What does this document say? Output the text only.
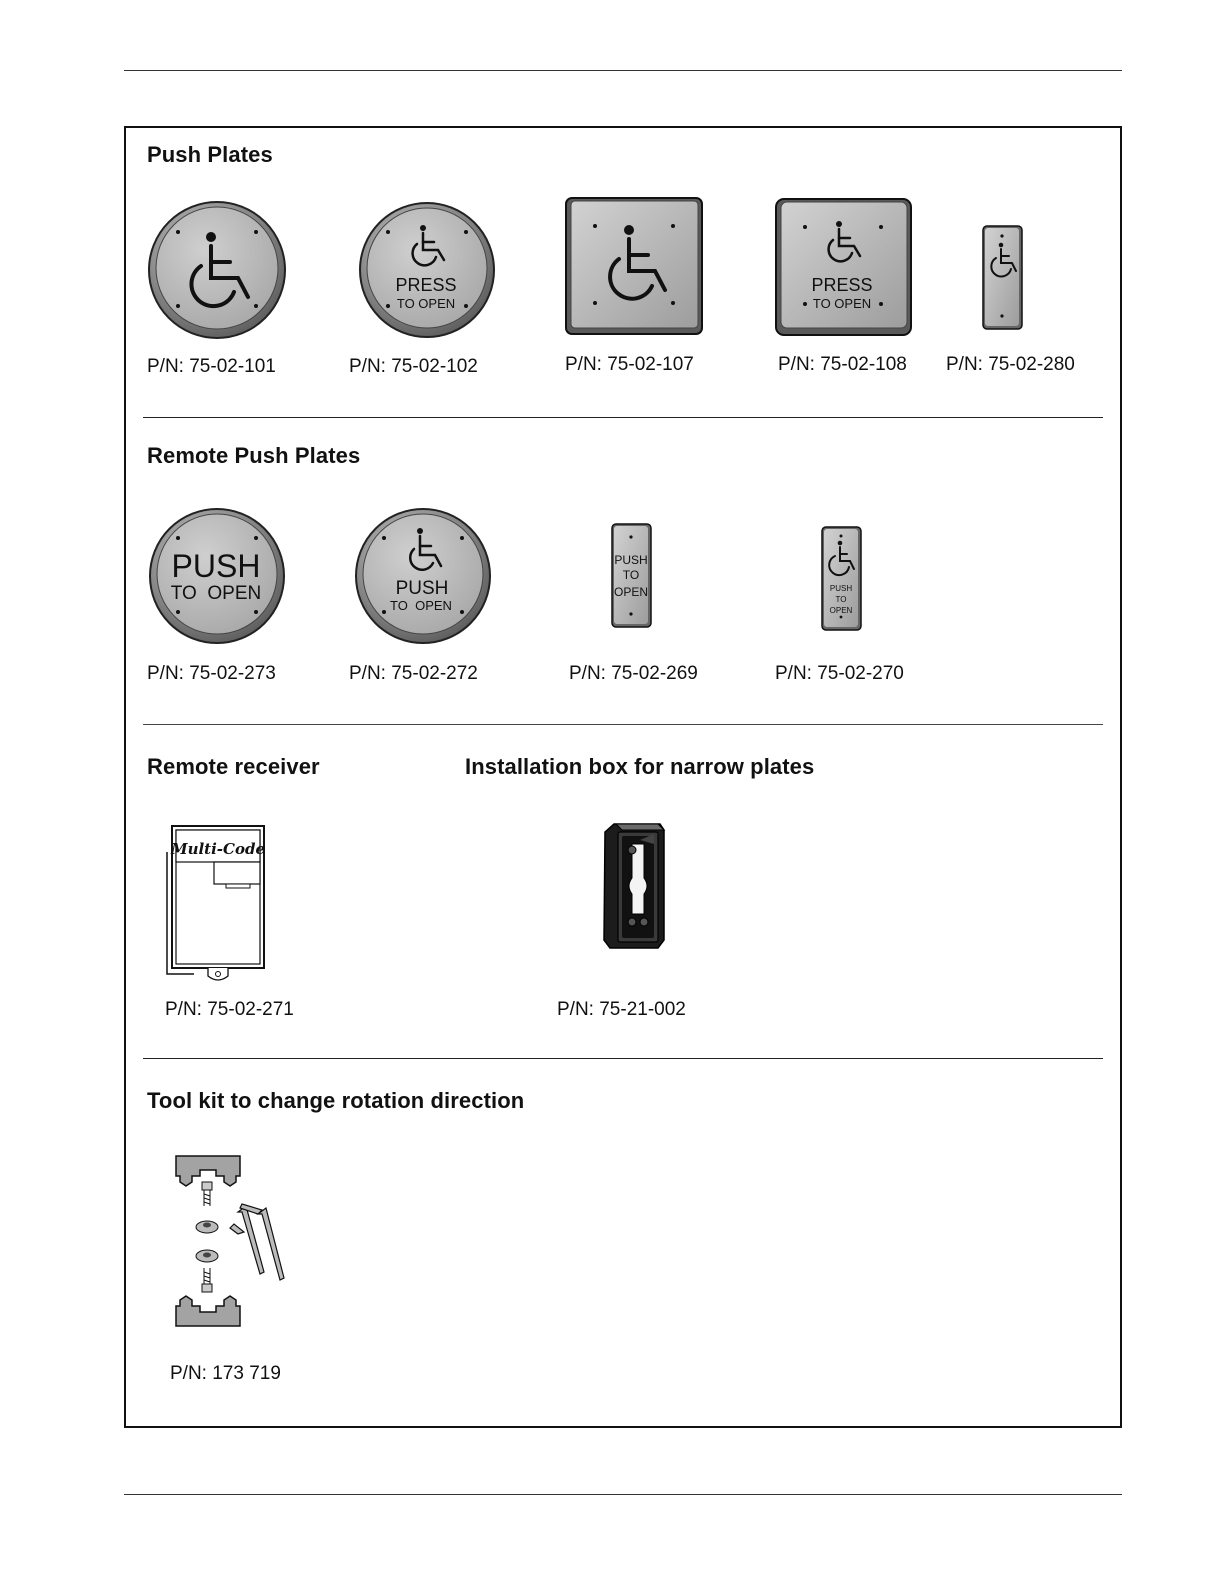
Push Plates
P/N: 75-02-101
PRESS
TO OPEN
P/N: 75-02-102	P/N: 75-02-107
PRESS
TO OPEN
P/N: 75-02-108 P/N: 75-02-280
Remote Push Plates
PUSH
TO  OPEN
P/N: 75-02-273
PUSH
TO  OPEN
P/N: 75-02-272
PUSH
TO
OPEN
P/N: 75-02-269
PUSH
TO
OPEN
P/N: 75-02-270
Remote receiver	Installation box for narrow plates
Multi-Code
P/N: 75-02-271	P/N: 75-21-002
Tool kit to change rotation direction
P/N: 173 719
